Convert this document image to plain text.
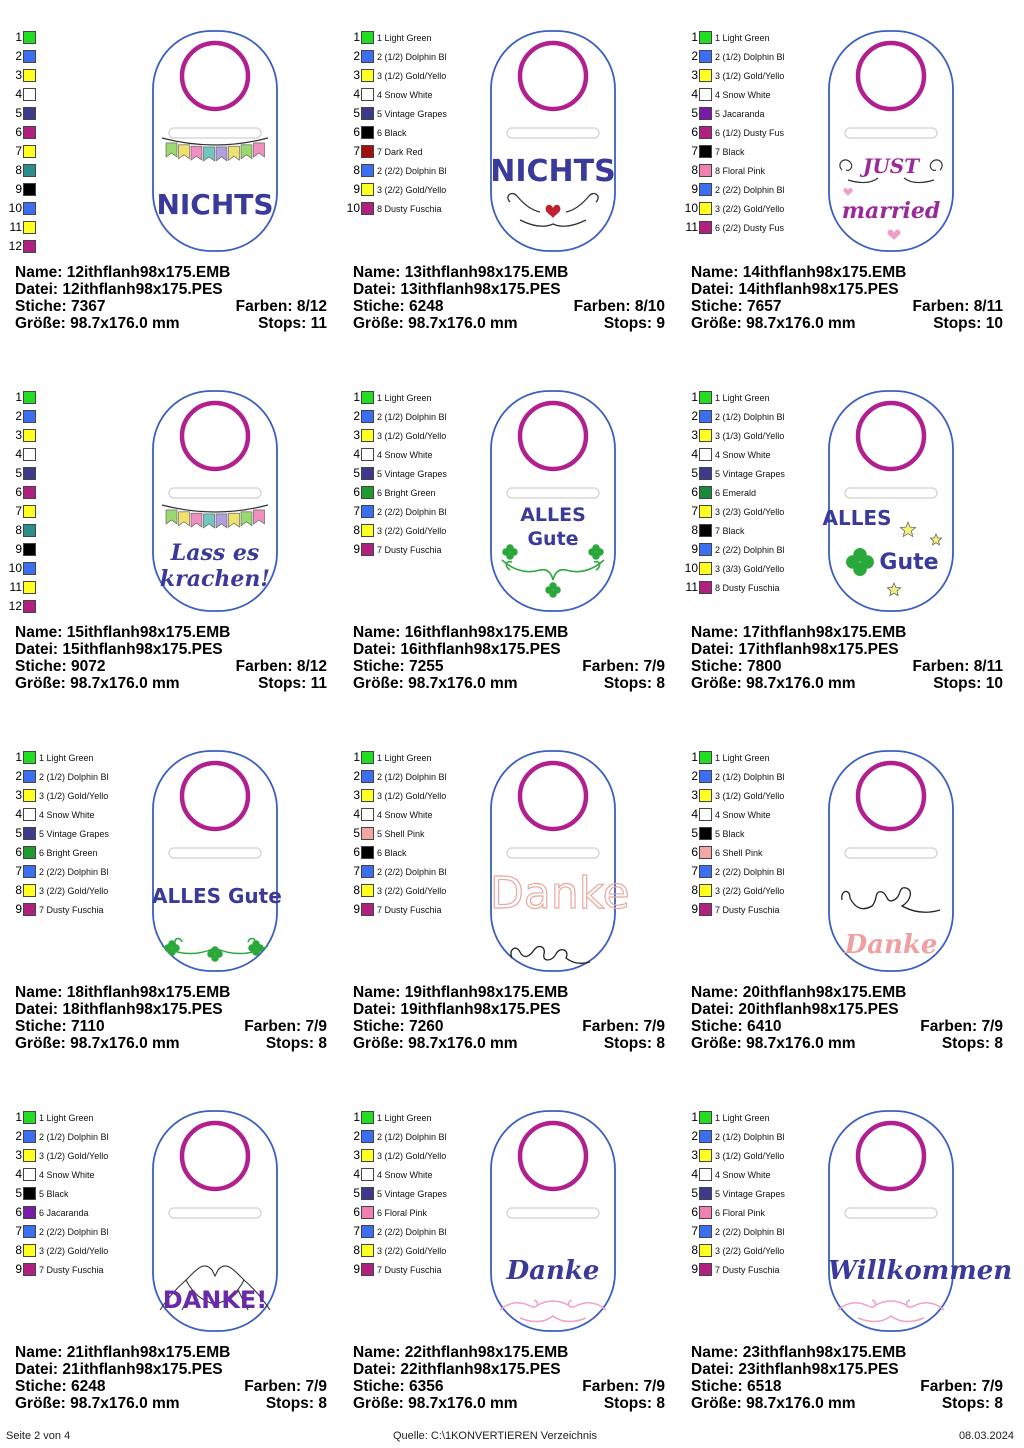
1
2
3
4
5
6
7
8
9
10
11
12
NICHTS
Name: 12ithflanh98x175.EMB
Datei: 12ithflanh98x175.PES
Stiche: 7367	Farben: 8/12
Größe: 98.7x176.0 mm	Stops: 11
1 1 Light Green
2 2 (1/2) Dolphin Bl
3 3 (1/2) Gold/Yello
4 4 Snow White
5 5 Vintage Grapes
6 6 Black
7 7 Dark Red
8 2 (2/2) Dolphin Bl
9 3 (2/2) Gold/Yello
10 8 Dusty Fuschia
NICHTS
Name: 13ithflanh98x175.EMB
Datei: 13ithflanh98x175.PES
Stiche: 6248	Farben: 8/10
Größe: 98.7x176.0 mm	Stops: 9
1 1 Light Green
2 2 (1/2) Dolphin Bl
3 3 (1/2) Gold/Yello
4 4 Snow White
5 5 Jacaranda
6 6 (1/2) Dusty Fus
7 7 Black
8 8 Floral Pink
9 2 (2/2) Dolphin Bl
10 3 (2/2) Gold/Yello
11 6 (2/2) Dusty Fus
JUST
married
Name: 14ithflanh98x175.EMB
Datei: 14ithflanh98x175.PES
Stiche: 7657	Farben: 8/11
Größe: 98.7x176.0 mm	Stops: 10
1
2
3
4
5
6
7
8
9
10
11
12
Lass es
krachen!
Name: 15ithflanh98x175.EMB
Datei: 15ithflanh98x175.PES
Stiche: 9072	Farben: 8/12
Größe: 98.7x176.0 mm	Stops: 11
1 1 Light Green
2 2 (1/2) Dolphin Bl
3 3 (1/2) Gold/Yello
4 4 Snow White
5 5 Vintage Grapes
6 6 Bright Green
7 2 (2/2) Dolphin Bl
8 3 (2/2) Gold/Yello
9 7 Dusty Fuschia
ALLES
Gute
Name: 16ithflanh98x175.EMB
Datei: 16ithflanh98x175.PES
Stiche: 7255	Farben: 7/9
Größe: 98.7x176.0 mm	Stops: 8
1 1 Light Green
2 2 (1/2) Dolphin Bl
3 3 (1/3) Gold/Yello
4 4 Snow White
5 5 Vintage Grapes
6 6 Emerald
7 3 (2/3) Gold/Yello
8 7 Black
9 2 (2/2) Dolphin Bl
10 3 (3/3) Gold/Yello
11 8 Dusty Fuschia
ALLES
Gute
Name: 17ithflanh98x175.EMB
Datei: 17ithflanh98x175.PES
Stiche: 7800	Farben: 8/11
Größe: 98.7x176.0 mm	Stops: 10
1 1 Light Green
2 2 (1/2) Dolphin Bl
3 3 (1/2) Gold/Yello
4 4 Snow White
5 5 Vintage Grapes
6 6 Bright Green
7 2 (2/2) Dolphin Bl
8 3 (2/2) Gold/Yello
9 7 Dusty Fuschia
ALLES Gute
Name: 18ithflanh98x175.EMB
Datei: 18ithflanh98x175.PES
Stiche: 7110	Farben: 7/9
Größe: 98.7x176.0 mm	Stops: 8
1 1 Light Green
2 2 (1/2) Dolphin Bl
3 3 (1/2) Gold/Yello
4 4 Snow White
5 5 Shell Pink
6 6 Black
7 2 (2/2) Dolphin Bl
8 3 (2/2) Gold/Yello
9 7 Dusty Fuschia Danke
Name: 19ithflanh98x175.EMB
Datei: 19ithflanh98x175.PES
Stiche: 7260	Farben: 7/9
Größe: 98.7x176.0 mm	Stops: 8
1 1 Light Green
2 2 (1/2) Dolphin Bl
3 3 (1/2) Gold/Yello
4 4 Snow White
5 5 Black
6 6 Shell Pink
7 2 (2/2) Dolphin Bl
8 3 (2/2) Gold/Yello
9 7 Dusty Fuschia
Danke
Name: 20ithflanh98x175.EMB
Datei: 20ithflanh98x175.PES
Stiche: 6410	Farben: 7/9
Größe: 98.7x176.0 mm	Stops: 8
1 1 Light Green
2 2 (1/2) Dolphin Bl
3 3 (1/2) Gold/Yello
4 4 Snow White
5 5 Black
6 6 Jacaranda
7 2 (2/2) Dolphin Bl
8 3 (2/2) Gold/Yello
9 7 Dusty Fuschia
DANKE!
Name: 21ithflanh98x175.EMB
Datei: 21ithflanh98x175.PES
Stiche: 6248	Farben: 7/9
Größe: 98.7x176.0 mm	Stops: 8
1 1 Light Green
2 2 (1/2) Dolphin Bl
3 3 (1/2) Gold/Yello
4 4 Snow White
5 5 Vintage Grapes
6 6 Floral Pink
7 2 (2/2) Dolphin Bl
8 3 (2/2) Gold/Yello
9 7 Dusty Fuschia	Danke
Name: 22ithflanh98x175.EMB
Datei: 22ithflanh98x175.PES
Stiche: 6356	Farben: 7/9
Größe: 98.7x176.0 mm	Stops: 8
1 1 Light Green
2 2 (1/2) Dolphin Bl
3 3 (1/2) Gold/Yello
4 4 Snow White
5 5 Vintage Grapes
6 6 Floral Pink
7 2 (2/2) Dolphin Bl
8 3 (2/2) Gold/Yello
9 7 Dusty Fuschia	Willkommen
Name: 23ithflanh98x175.EMB
Datei: 23ithflanh98x175.PES
Stiche: 6518	Farben: 7/9
Größe: 98.7x176.0 mm	Stops: 8
Seite 2 von 4	Quelle: C:\1KONVERTIEREN Verzeichnis	08.03.2024
